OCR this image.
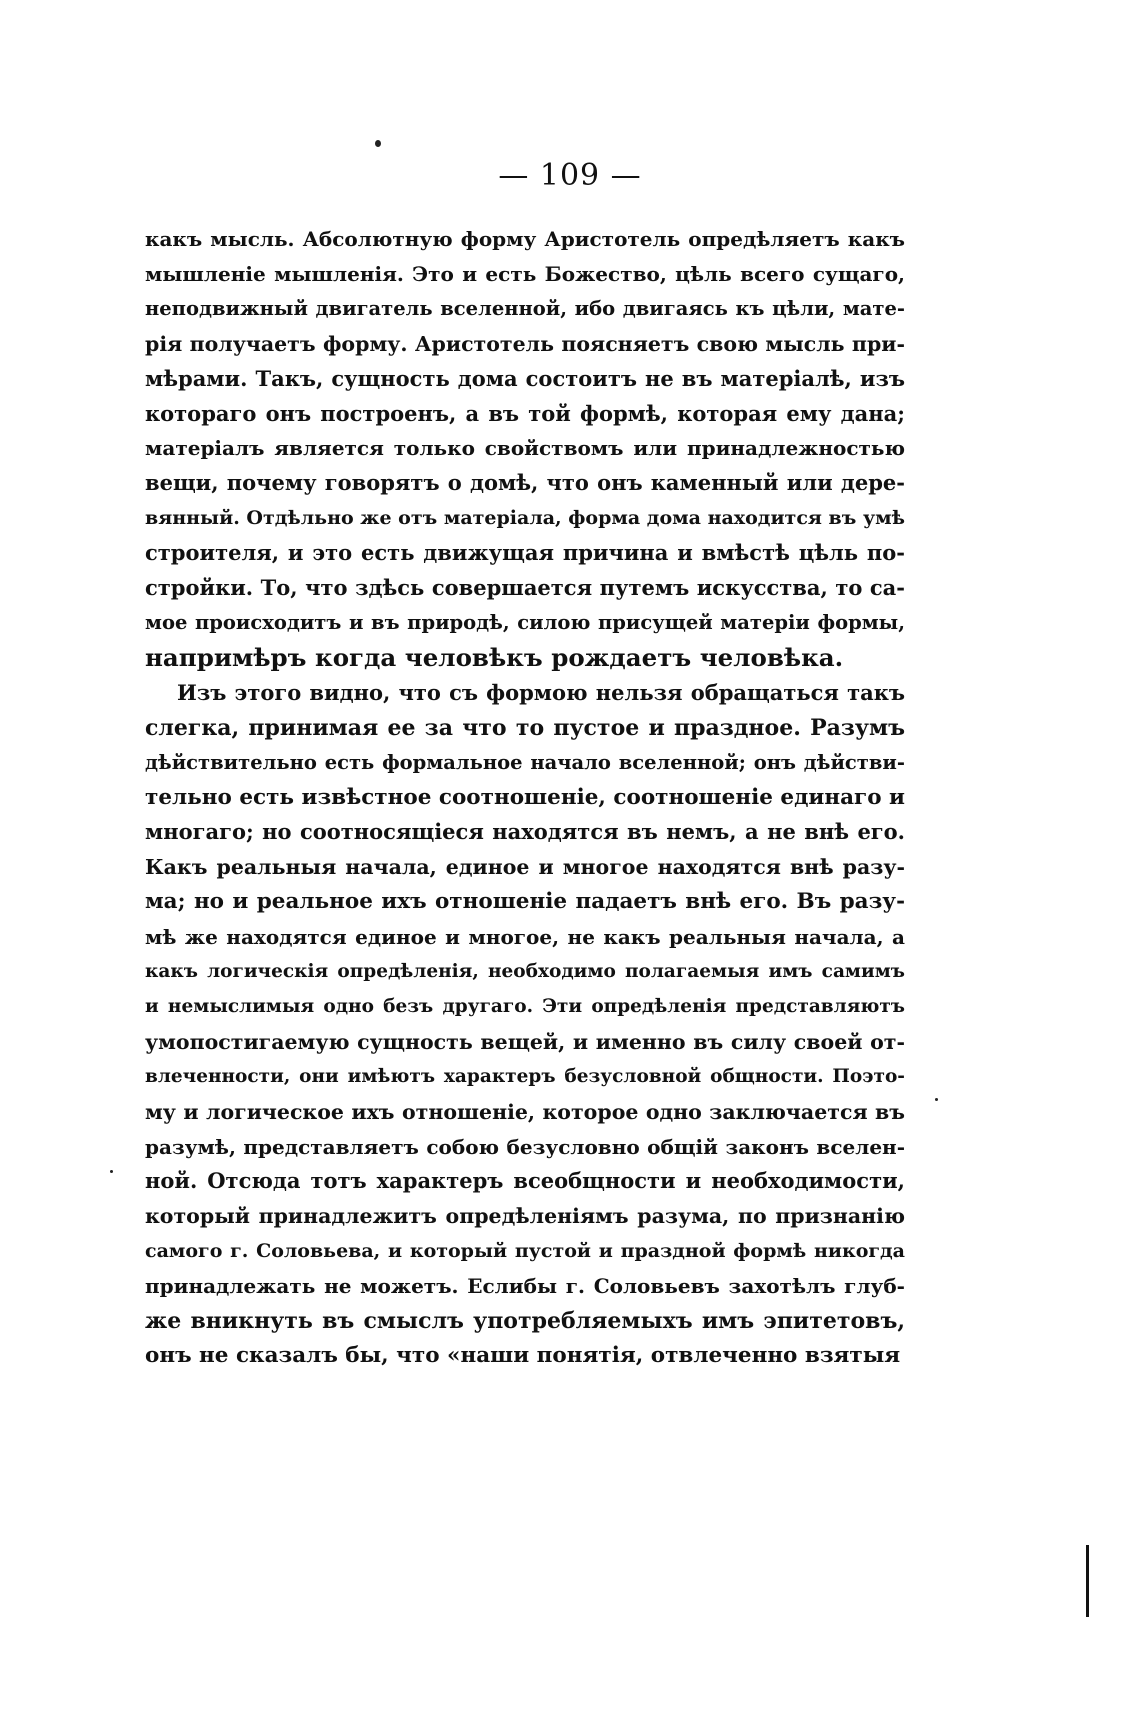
— 109 —
какъ мысль. Абсолютную форму Аристотель опредѣляетъ какъ
мышленіе мышленія. Это и есть Божество, цѣль всего сущаго,
неподвижный двигатель вселенной, ибо двигаясь къ цѣли, мате-
рія получаетъ форму. Аристотель поясняетъ свою мысль при-
мѣрами. Такъ, сущность дома состоитъ не въ матеріалѣ, изъ
котораго онъ построенъ, а въ той формѣ, которая ему дана;
матеріалъ является только свойствомъ или принадлежностью
вещи, почему говорятъ о домѣ, что онъ каменный или дере-
вянный. Отдѣльно же отъ матеріала, форма дома находится въ умѣ
строителя, и это есть движущая причина и вмѣстѣ цѣль по-
стройки. То, что здѣсь совершается путемъ искусства, то са-
мое происходитъ и въ природѣ, силою присущей матеріи формы,
напримѣръ когда человѣкъ рождаетъ человѣка.
Изъ этого видно, что съ формою нельзя обращаться такъ
слегка, принимая ее за что то пустое и праздное. Разумъ
дѣйствительно есть формальное начало вселенной; онъ дѣйстви-
тельно есть извѣстное соотношеніе, соотношеніе единаго и
многаго; но соотносящіеся находятся въ немъ, а не внѣ его.
Какъ реальныя начала, единое и многое находятся внѣ разу-
ма; но и реальное ихъ отношеніе падаетъ внѣ его. Въ разу-
мѣ же находятся единое и многое, не какъ реальныя начала, а
какъ логическія опредѣленія, необходимо полагаемыя имъ самимъ
и немыслимыя одно безъ другаго. Эти опредѣленія представляютъ
умопостигаемую сущность вещей, и именно въ силу своей от-
влеченности, они имѣютъ характеръ безусловной общности. Поэто-
му и логическое ихъ отношеніе, которое одно заключается въ
разумѣ, представляетъ собою безусловно общій законъ вселен-
ной. Отсюда тотъ характеръ всеобщности и необходимости,
который принадлежитъ опредѣленіямъ разума, по признанію
самого г. Соловьева, и который пустой и праздной формѣ никогда
принадлежать не можетъ. Еслибы г. Соловьевъ захотѣлъ глуб-
же вникнуть въ смыслъ употребляемыхъ имъ эпитетовъ,
онъ не сказалъ бы, что «наши понятія, отвлеченно взятыя
